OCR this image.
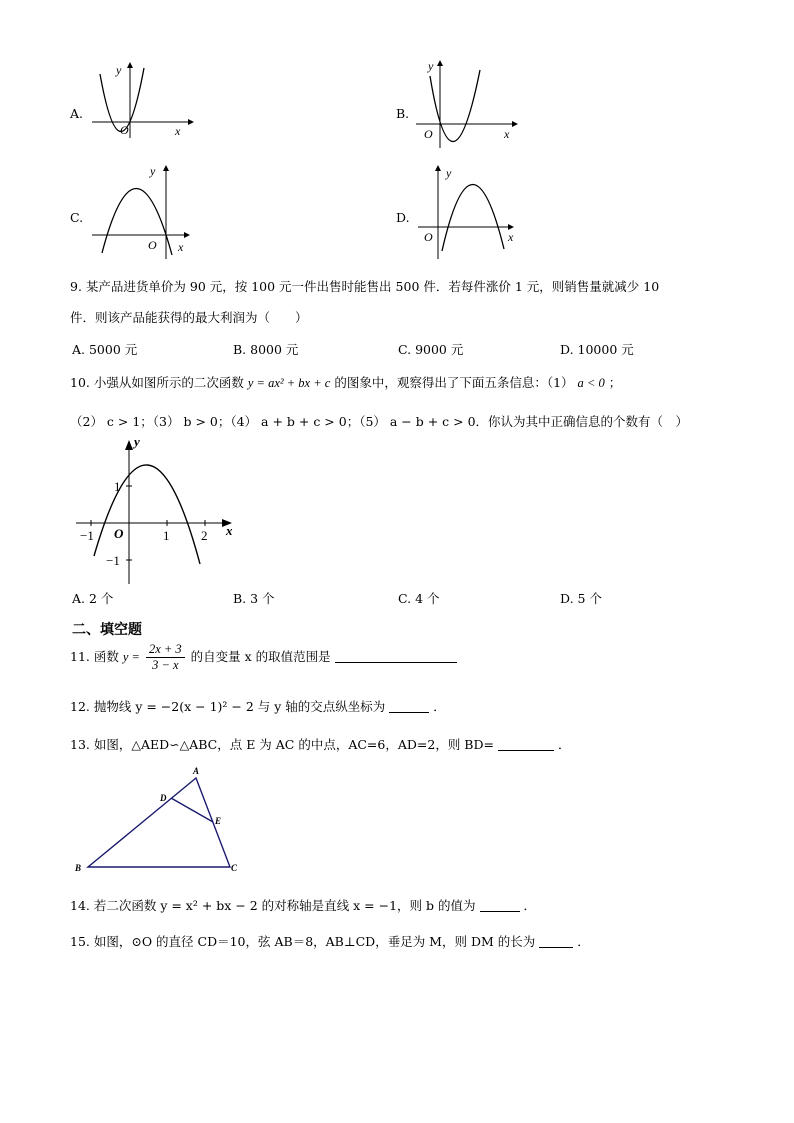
A.
y
x
O
B.
y
x
O
C.
y
x
O
D.
y
x
O
9. 某产品进货单价为 90 元，按 100 元一件出售时能售出 500 件．若每件涨价 1 元，则销售量就减少 10
件．则该产品能获得的最大利润为（　　）
A. 5000 元	B. 8000 元	C. 9000 元	D. 10000 元
10. 小强从如图所示的二次函数 y = ax² + bx + c 的图象中，观察得出了下面五条信息：（1） a < 0 ；
（2） c > 1；（3） b > 0；（4） a + b + c > 0；（5） a − b + c > 0．你认为其中正确信息的个数有（　）
y
x
O
−1	1 2
1
−1
A. 2 个	B. 3 个	C. 4 个	D. 5 个
二、填空题
11. 函数 $y = \frac{2x + 3}{3 - x}$ 的自变量 x 的取值范围是
12. 抛物线 y = −2(x − 1)² − 2 与 y 轴的交点纵坐标为	．
13. 如图，△AED∽△ABC，点 E 为 AC 的中点，AC=6，AD=2，则 BD=	．
A
B	C
D
E
14. 若二次函数 y = x² + bx − 2 的对称轴是直线 x = −1，则 b 的值为	．
15. 如图，⊙O 的直径 CD＝10，弦 AB＝8，AB⊥CD，垂足为 M，则 DM 的长为	．
